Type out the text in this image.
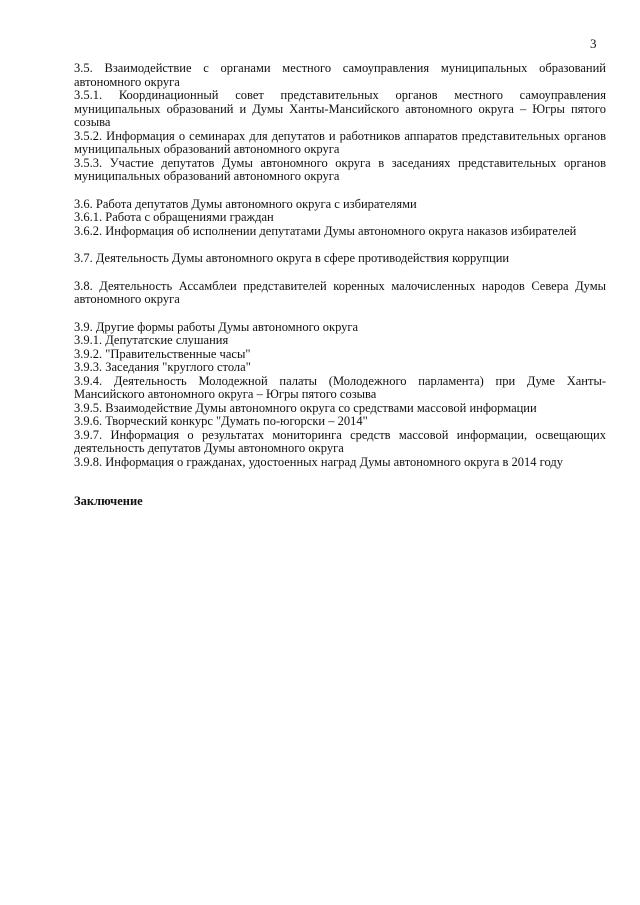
3

3.5. Взаимодействие с органами местного самоуправления муниципальных образований автономного округа

3.5.1. Координационный совет представительных органов местного самоуправления муниципальных образований и Думы Ханты-Мансийского автономного округа – Югры пятого созыва

3.5.2. Информация о семинарах для депутатов и работников аппаратов представительных органов муниципальных образований автономного округа

3.5.3. Участие депутатов Думы автономного округа в заседаниях представительных органов муниципальных образований автономного округа

3.6. Работа депутатов Думы автономного округа с избирателями

3.6.1. Работа с обращениями граждан

3.6.2. Информация об исполнении депутатами Думы автономного округа наказов избирателей

3.7. Деятельность Думы автономного округа в сфере противодействия коррупции

3.8. Деятельность Ассамблеи представителей коренных малочисленных народов Севера Думы автономного округа

3.9. Другие формы работы Думы автономного округа

3.9.1. Депутатские слушания

3.9.2. "Правительственные часы"

3.9.3. Заседания "круглого стола"

3.9.4. Деятельность Молодежной палаты (Молодежного парламента) при Думе Ханты-Мансийского автономного округа – Югры пятого созыва

3.9.5. Взаимодействие Думы автономного округа со средствами массовой информации

3.9.6. Творческий конкурс "Думать по-югорски – 2014"

3.9.7. Информация о результатах мониторинга средств массовой информации, освещающих деятельность депутатов Думы автономного округа

3.9.8. Информация о гражданах, удостоенных наград Думы автономного округа в 2014 году

Заключение
